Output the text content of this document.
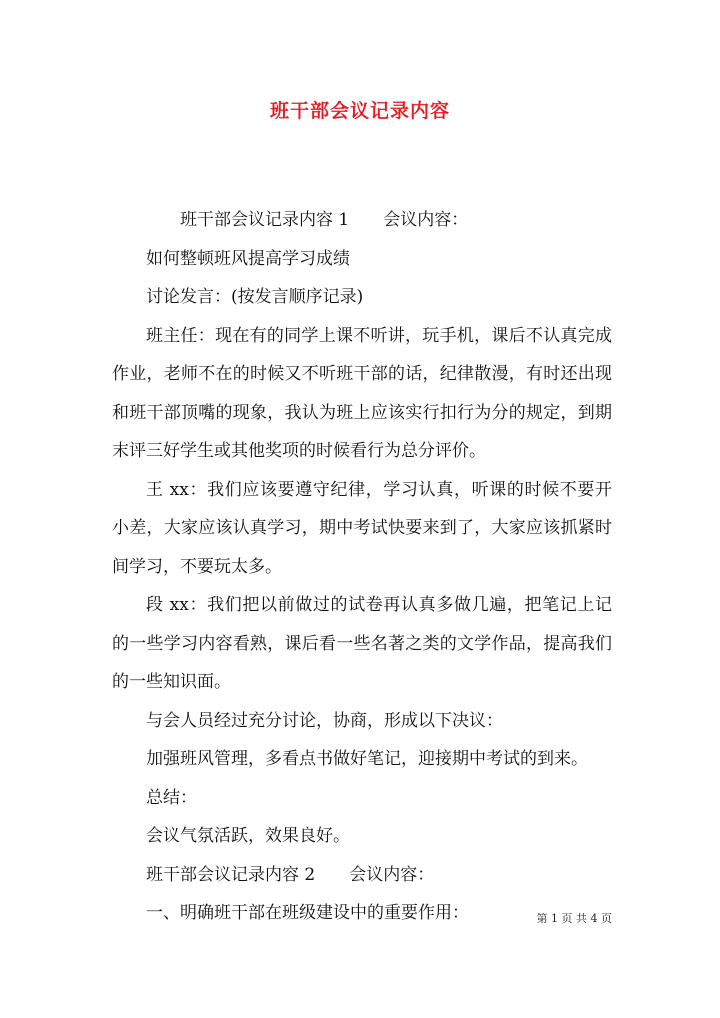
班干部会议记录内容

班干部会议记录内容 1 会议内容：

如何整顿班风提高学习成绩

讨论发言：(按发言顺序记录)

班主任：现在有的同学上课不听讲，玩手机，课后不认真完成作业，老师不在的时候又不听班干部的话，纪律散漫，有时还出现和班干部顶嘴的现象，我认为班上应该实行扣行为分的规定，到期末评三好学生或其他奖项的时候看行为总分评价。

王 xx：我们应该要遵守纪律，学习认真，听课的时候不要开小差，大家应该认真学习，期中考试快要来到了，大家应该抓紧时间学习，不要玩太多。

段 xx：我们把以前做过的试卷再认真多做几遍，把笔记上记的一些学习内容看熟，课后看一些名著之类的文学作品，提高我们的一些知识面。

与会人员经过充分讨论，协商，形成以下决议：

加强班风管理，多看点书做好笔记，迎接期中考试的到来。

总结：

会议气氛活跃，效果良好。

班干部会议记录内容 2 会议内容：

一、明确班干部在班级建设中的重要作用：	第 1 页 共 4 页
